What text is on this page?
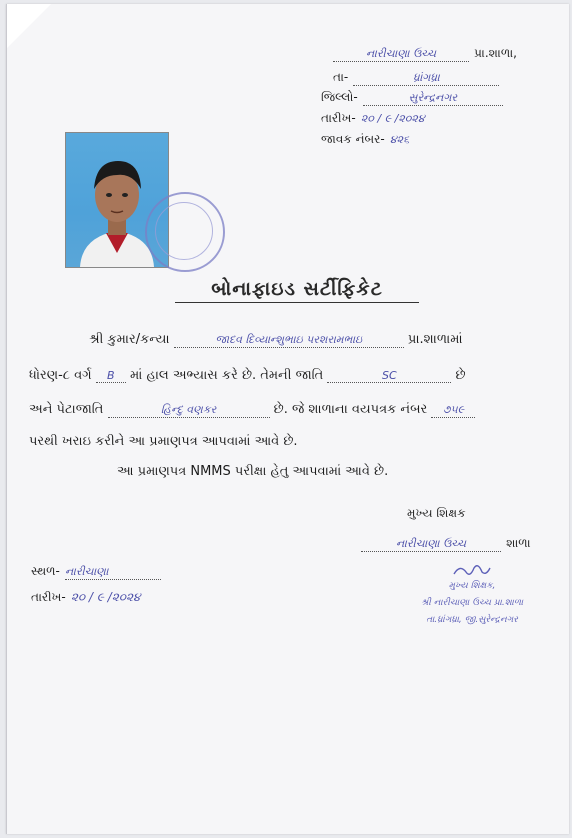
નારીચાણા ઉચ્ચ	પ્રા.શાળા,
તા-	ધ્રાંગધ્રા
જિલ્લો-	સુરેન્દ્રનગર
તારીખ- ૨૦ / ૯ /૨૦૨૪
જાવક નંબર- ૪૨૬
બોનાફાઇડ સર્ટીફિકેટ
શ્રી કુમાર/કન્યા	જાદવ દિવ્યાન્શુભાઇ પરશરામભાઇ	પ્રા.શાળામાં
ધોરણ-૮ વર્ગ B માં હાલ અભ્યાસ કરે છે. તેમની જાતિ	SC	છે
અને પેટાજાતિ	હિન્દુ વણકર	છે. જે શાળાના વયપત્રક નંબર ૭૫૯
પરથી ખરાઇ કરીને આ પ્રમાણપત્ર આપવામાં આવે છે.
આ પ્રમાણપત્ર NMMS પરીક્ષા હેતુ આપવામાં આવે છે.
મુખ્ય શિક્ષક
નારીચાણા ઉચ્ચ	શાળા
મુખ્ય શિક્ષક,
શ્રી નારીચાણા ઉચ્ચ પ્રા.શાળા
તા.ધ્રાંગધ્રા, જી.સુરેન્દ્રનગર
સ્થળ- નારીચાણા
તારીખ- ૨૦ / ૯ /૨૦૨૪
